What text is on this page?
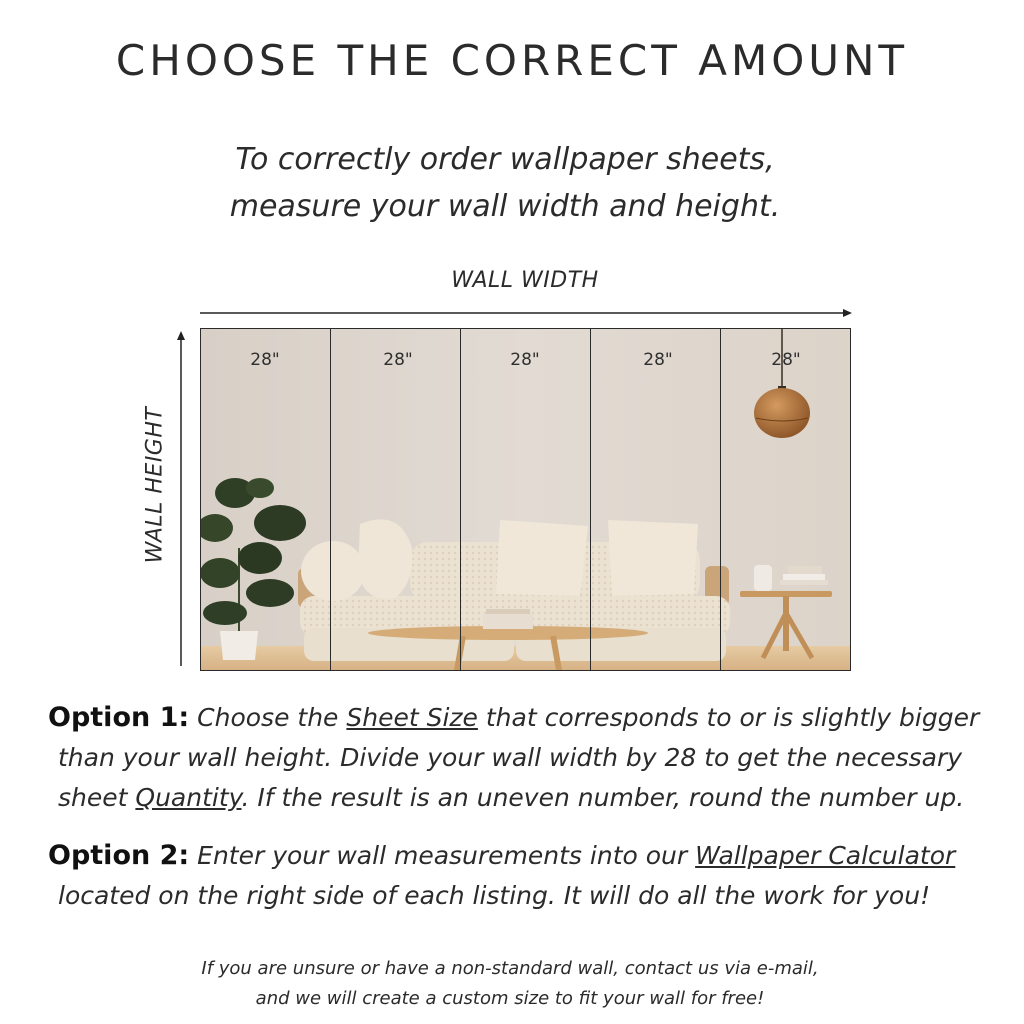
CHOOSE THE CORRECT AMOUNT
To correctly order wallpaper sheets,
measure your wall width and height.
WALL WIDTH
WALL HEIGHT
28"	28"	28"	28"	28"
Option 1: Choose the Sheet Size that corresponds to or is slightly bigger
than your wall height. Divide your wall width by 28 to get the necessary
sheet Quantity. If the result is an uneven number, round the number up.
Option 2: Enter your wall measurements into our Wallpaper Calculator
located on the right side of each listing. It will do all the work for you!
If you are unsure or have a non-standard wall, contact us via e-mail,
and we will create a custom size to fit your wall for free!
